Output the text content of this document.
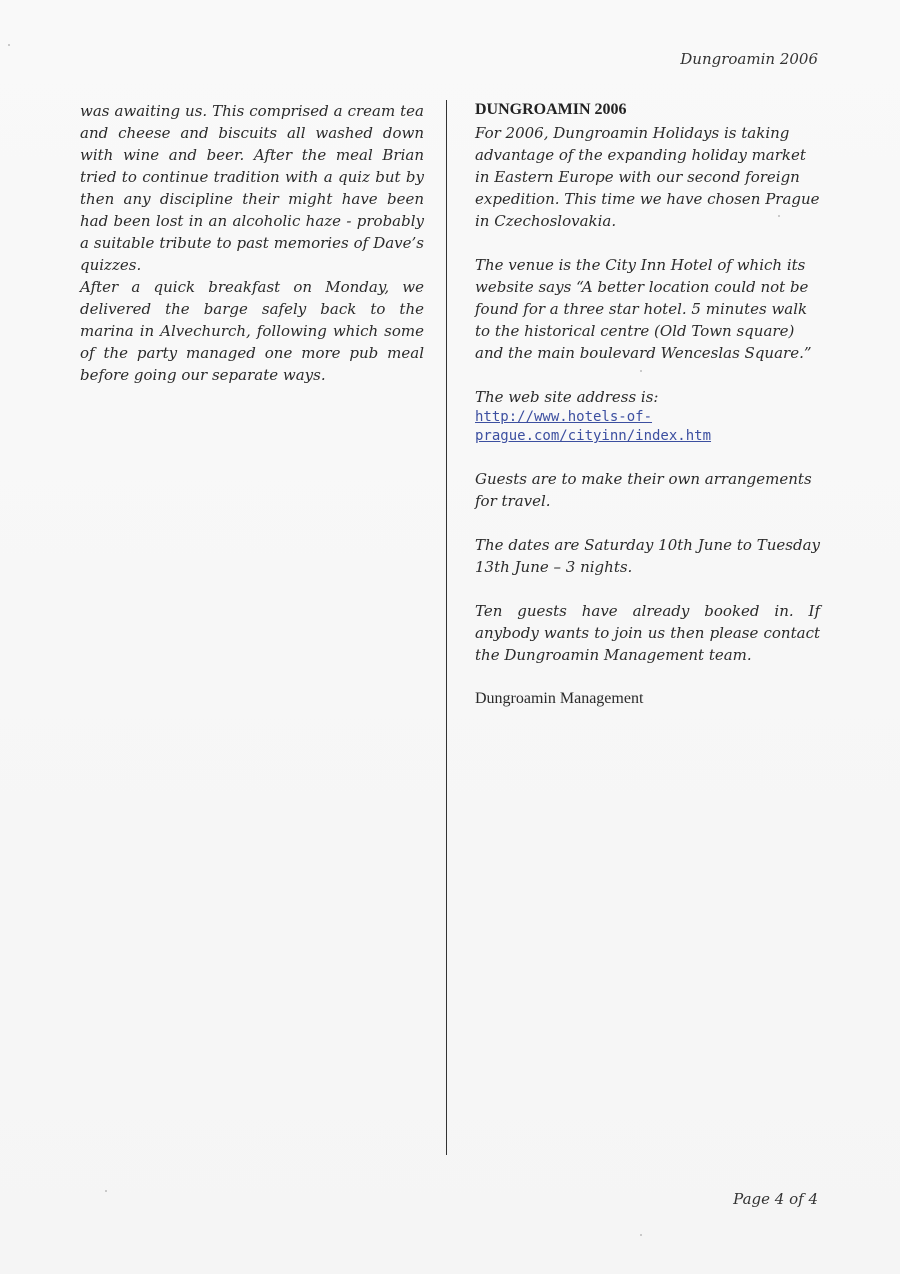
Dungroamin 2006

was awaiting us. This comprised a cream tea and cheese and biscuits all washed down with wine and beer. After the meal Brian tried to continue tradition with a quiz but by then any discipline their might have been had been lost in an alcoholic haze - probably a suitable tribute to past memories of Dave’s quizzes.

After a quick breakfast on Monday, we delivered the barge safely back to the marina in Alvechurch, following which some of the party managed one more pub meal before going our separate ways.

DUNGROAMIN 2006

For 2006, Dungroamin Holidays is taking advantage of the expanding holiday market in Eastern Europe with our second foreign expedition. This time we have chosen Prague in Czechoslovakia.

The venue is the City Inn Hotel of which its website says “A better location could not be found for a three star hotel. 5 minutes walk to the historical centre (Old Town square) and the main boulevard Wenceslas Square.”

The web site address is:

http://www.hotels-of-
prague.com/cityinn/index.htm

Guests are to make their own arrangements for travel.

The dates are Saturday 10th June to Tuesday 13th June – 3 nights.

Ten guests have already booked in. If anybody wants to join us then please contact the Dungroamin Management team.

Dungroamin Management

Page 4 of 4
